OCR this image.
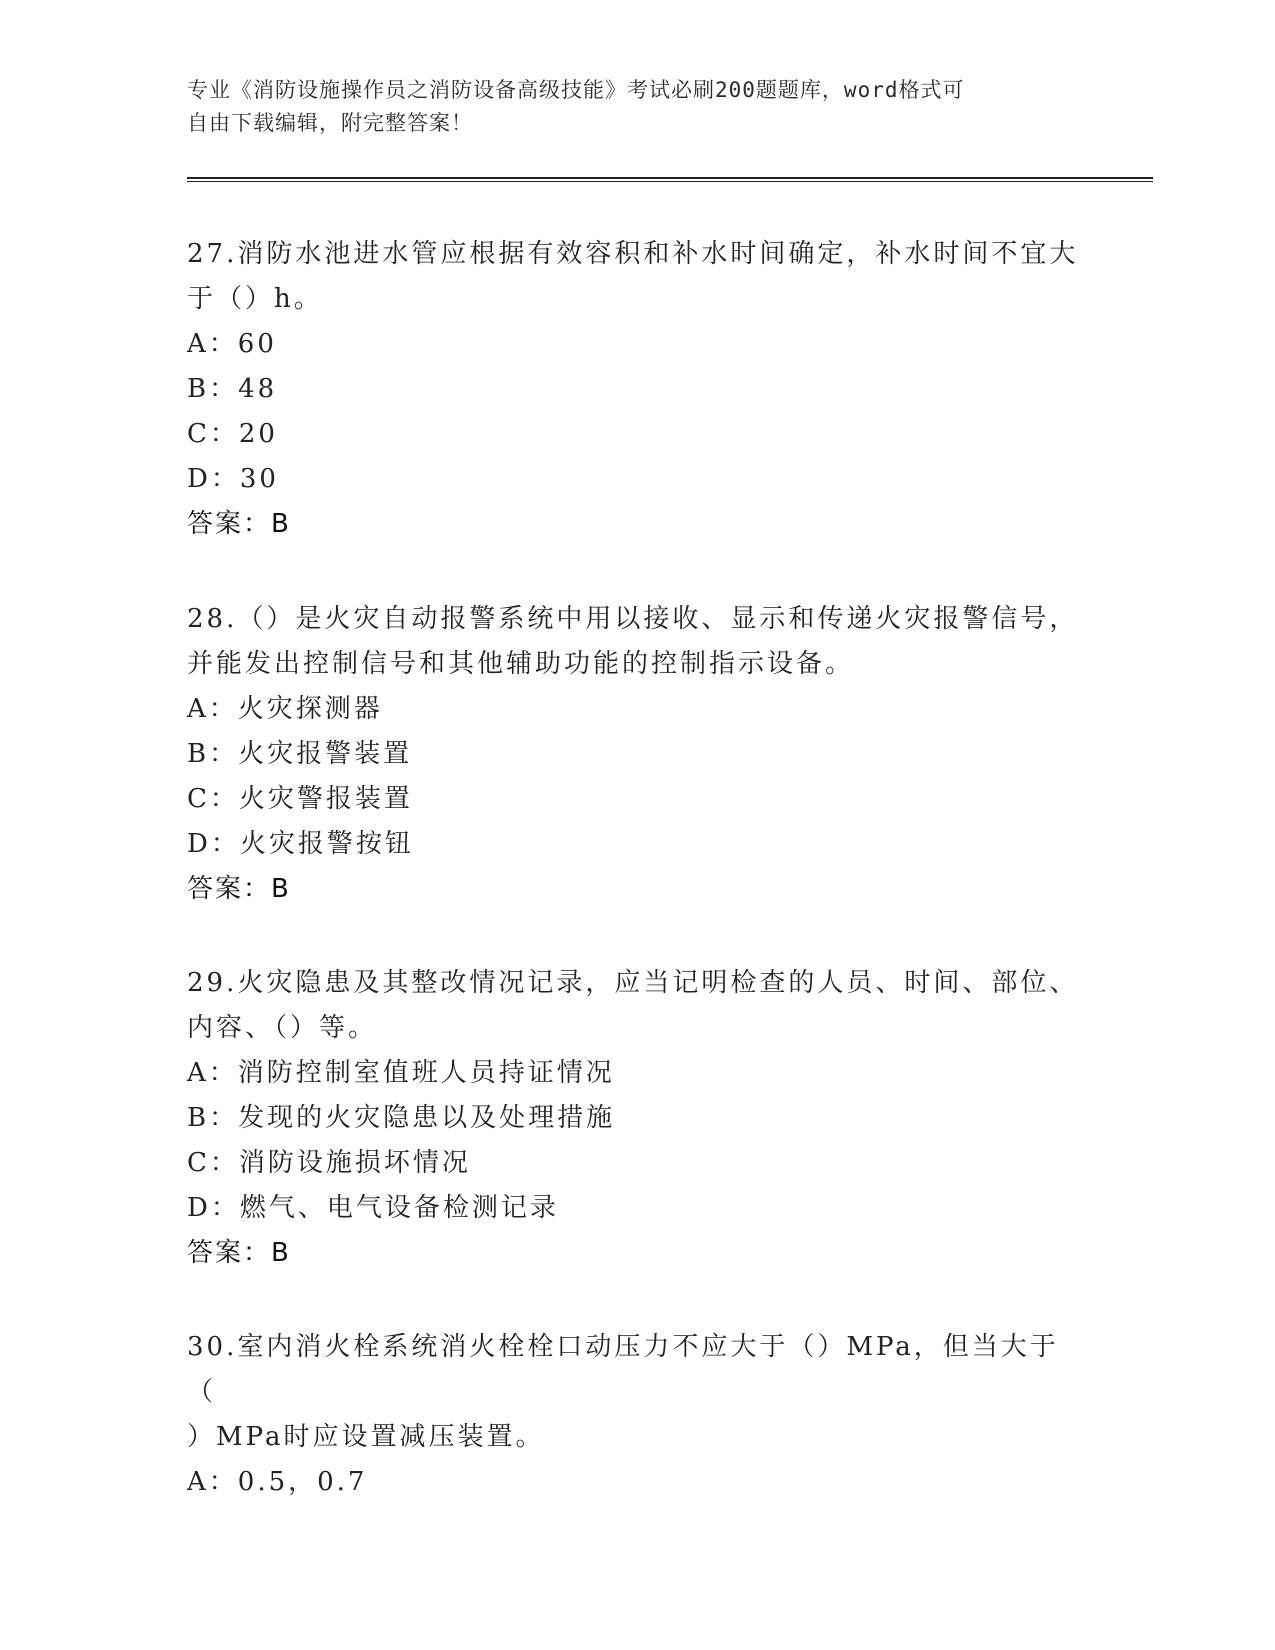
专业《消防设施操作员之消防设备高级技能》考试必刷200题题库，word格式可
自由下载编辑，附完整答案！

27.消防水池进水管应根据有效容积和补水时间确定，补水时间不宜大

于（）h。

A：60

B：48

C：20

D：30

答案：B

28.（）是火灾自动报警系统中用以接收、显示和传递火灾报警信号，

并能发出控制信号和其他辅助功能的控制指示设备。

A：火灾探测器

B：火灾报警装置

C：火灾警报装置

D：火灾报警按钮

答案：B

29.火灾隐患及其整改情况记录，应当记明检查的人员、时间、部位、

内容、（）等。

A：消防控制室值班人员持证情况

B：发现的火灾隐患以及处理措施

C：消防设施损坏情况

D：燃气、电气设备检测记录

答案：B

30.室内消火栓系统消火栓栓口动压力不应大于（）MPa，但当大于（

）MPa时应设置减压装置。

A：0.5，0.7
